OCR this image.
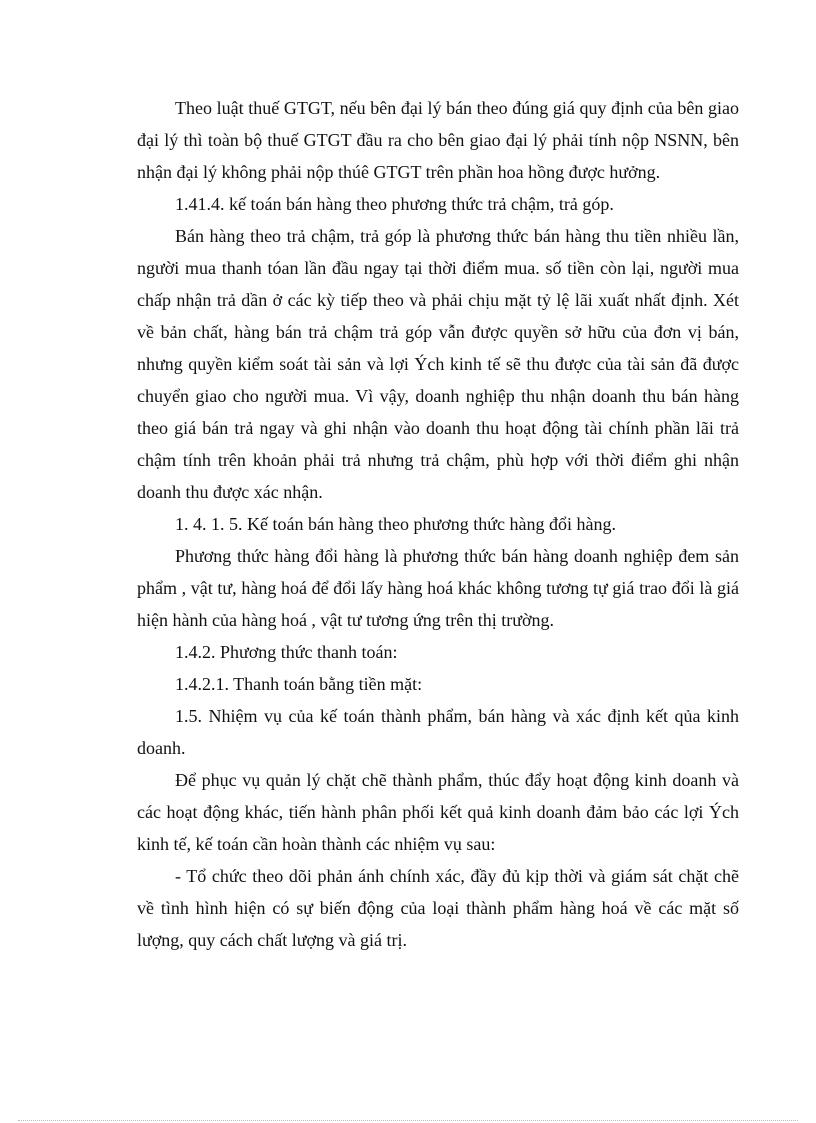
Theo luật thuế GTGT, nếu bên đại lý bán theo đúng giá quy định của bên giao đại lý thì toàn bộ thuế GTGT đầu ra cho bên giao đại lý phải tính nộp NSNN, bên nhận đại lý không phải nộp thúê GTGT trên phần hoa hồng được hưởng.

1.41.4. kế toán bán hàng theo phương thức trả chậm, trả góp.

Bán hàng theo trả chậm, trả góp là phương thức bán hàng thu tiền nhiều lần, người mua thanh tóan lần đầu ngay tại thời điểm mua. số tiền còn lại, người mua chấp nhận trả dần ở các kỳ tiếp theo và phải chịu mặt tỷ lệ lãi xuất nhất định. Xét về bản chất, hàng bán trả chậm trả góp vẫn được quyền sở hữu của đơn vị bán, nhưng quyền kiểm soát tài sản và lợi Ých kinh tế sẽ thu được của tài sản đã được chuyển giao cho người mua. Vì vậy, doanh nghiệp thu nhận doanh thu bán hàng theo giá bán trả ngay và ghi nhận vào doanh thu hoạt động tài chính phần lãi trả chậm tính trên khoản phải trả nhưng trả chậm, phù hợp với thời điểm ghi nhận doanh thu được xác nhận.

1. 4. 1. 5. Kế toán bán hàng theo phương thức hàng đổi hàng.

Phương thức hàng đổi hàng là phương thức bán hàng doanh nghiệp đem sản phẩm , vật tư, hàng hoá để đổi lấy hàng hoá khác không tương tự giá trao đổi là giá hiện hành của hàng hoá , vật tư tương ứng trên thị trường.

1.4.2. Phương thức thanh toán:

1.4.2.1. Thanh toán bằng tiền mặt:

1.5. Nhiệm vụ của kế toán thành phẩm, bán hàng và xác định kết qủa kinh doanh.

Để phục vụ quản lý chặt chẽ thành phẩm, thúc đẩy hoạt động kinh doanh và các hoạt động khác, tiến hành phân phối kết quả kinh doanh đảm bảo các lợi Ých kinh tế, kế toán cần hoàn thành các nhiệm vụ sau:

- Tổ chức theo dõi phản ánh chính xác, đầy đủ kịp thời và giám sát chặt chẽ về tình hình hiện có sự biến động của loại thành phẩm hàng hoá về các mặt số lượng, quy cách chất lượng và giá trị.
